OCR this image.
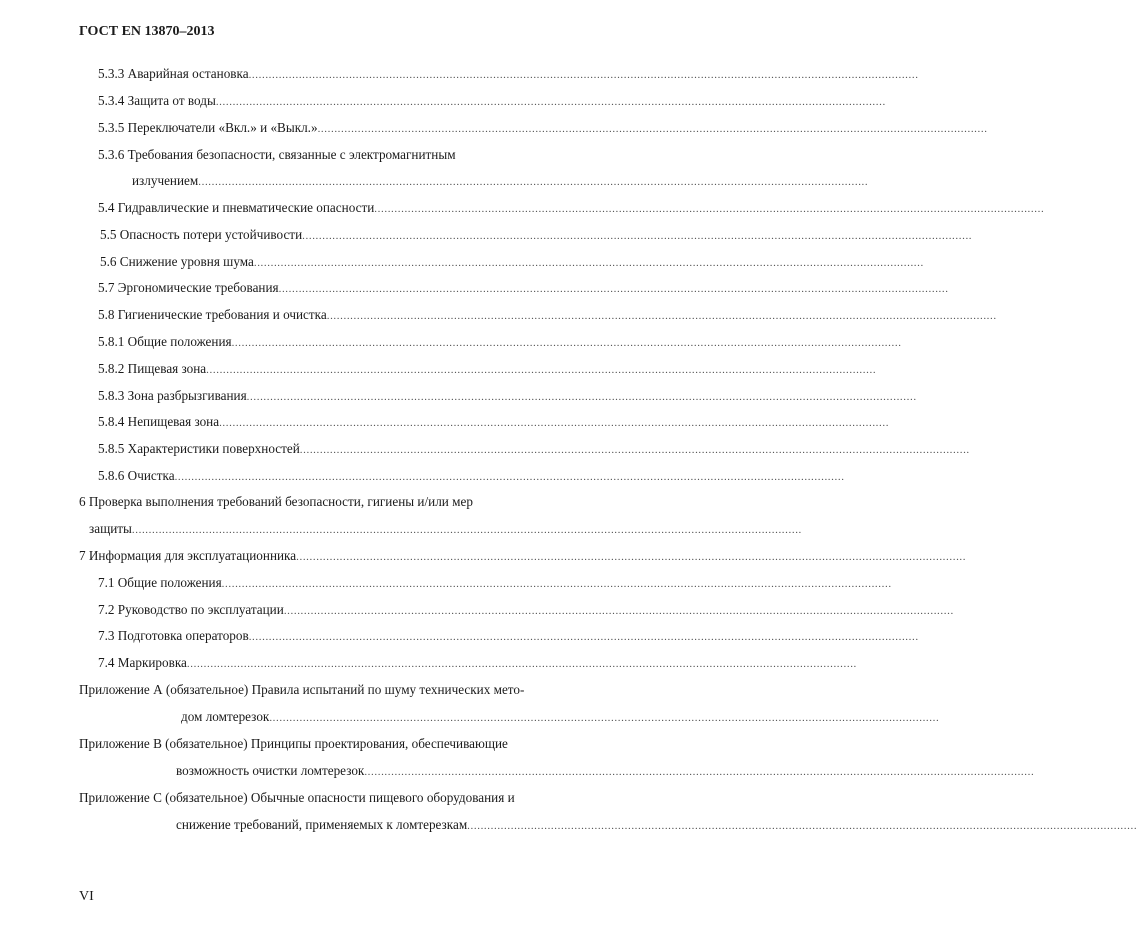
ГОСТ EN 13870–2013
5.3.3 Аварийная остановка ........................................................................................................................................................................................................
5.3.4 Защита от воды ........................................................................................................................................................................................................
5.3.5 Переключатели «Вкл.» и «Выкл.» ........................................................................................................................................................................................................
5.3.6 Требования безопасности, связанные с электромагнитным
излучением ........................................................................................................................................................................................................
5.4 Гидравлические и пневматические опасности ........................................................................................................................................................................................................
5.5 Опасность потери устойчивости ........................................................................................................................................................................................................
5.6 Снижение уровня шума ........................................................................................................................................................................................................
5.7 Эргономические требования ........................................................................................................................................................................................................
5.8 Гигиенические требования и очистка ........................................................................................................................................................................................................
5.8.1 Общие положения ........................................................................................................................................................................................................
5.8.2 Пищевая зона ........................................................................................................................................................................................................
5.8.3 Зона разбрызгивания ........................................................................................................................................................................................................
5.8.4 Непищевая зона ........................................................................................................................................................................................................
5.8.5 Характеристики поверхностей ........................................................................................................................................................................................................
5.8.6 Очистка ........................................................................................................................................................................................................
6 Проверка выполнения требований безопасности, гигиены и/или мер
защиты ........................................................................................................................................................................................................
7 Информация для эксплуатационника ........................................................................................................................................................................................................
7.1 Общие положения ........................................................................................................................................................................................................
7.2 Руководство по эксплуатации ........................................................................................................................................................................................................
7.3 Подготовка операторов ........................................................................................................................................................................................................
7.4 Маркировка ........................................................................................................................................................................................................
Приложение А (обязательное) Правила испытаний по шуму технических мето-
дом ломтерезок ........................................................................................................................................................................................................
Приложение В (обязательное) Принципы проектирования, обеспечивающие
возможность очистки ломтерезок ........................................................................................................................................................................................................
Приложение С (обязательное) Обычные опасности пищевого оборудования и
снижение требований, применяемых к ломтерезкам ........................................................................................................................................................................................................
VI
